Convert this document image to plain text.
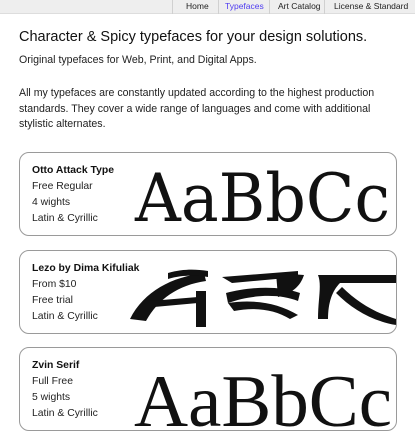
Home Typefaces Art Catalog License & Standard
Character & Spicy typefaces for your design solutions.
Original typefaces for Web, Print, and Digital Apps.
All my typefaces are constantly updated according to the highest production standards. They cover a wide range of languages and come with additional stylistic alternates.
Otto Attack Type
Free Regular
4 wights
Latin & Cyrillic AaBbCc
Lezo by Dima Kifuliak
From $10
Free trial
Latin & Cyrillic
Zvin Serif
Full Free
5 wights
Latin & Cyrillic AaBbCc
